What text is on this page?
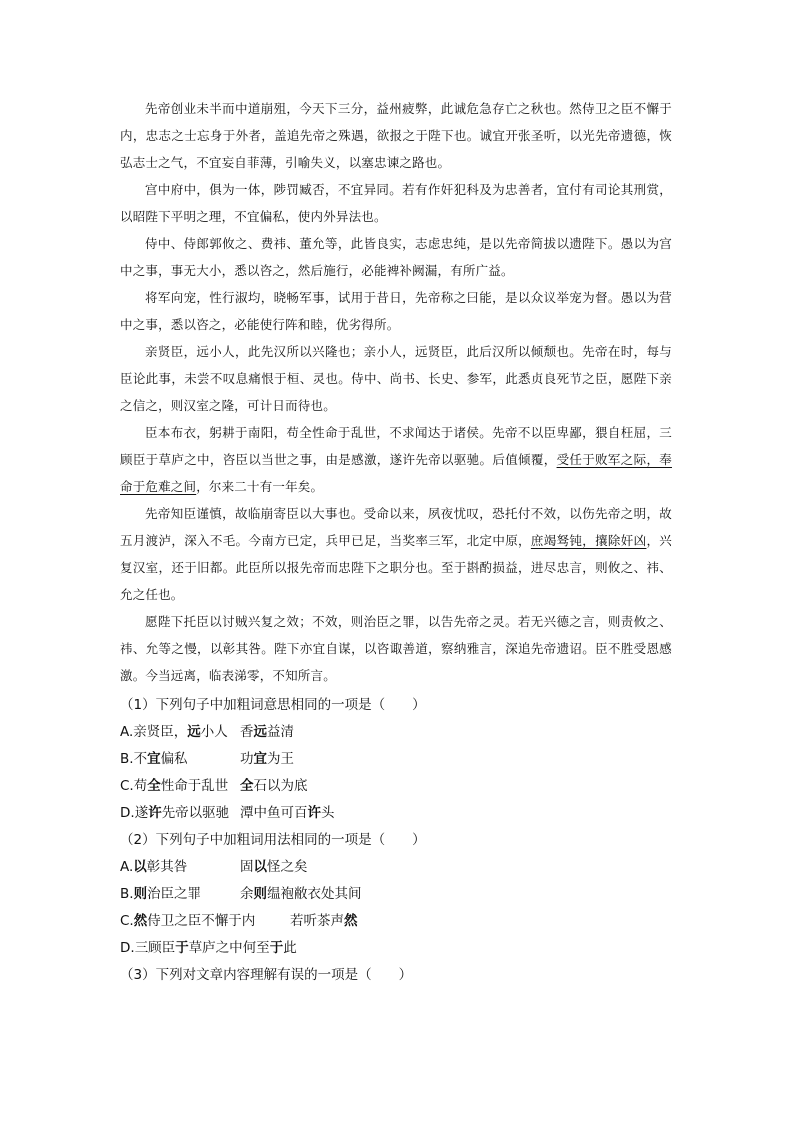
先帝创业未半而中道崩殂，今天下三分，益州疲弊，此诚危急存亡之秋也。然侍卫之臣不懈于内，忠志之士忘身于外者，盖追先帝之殊遇，欲报之于陛下也。诚宜开张圣听，以光先帝遗德，恢弘志士之气，不宜妄自菲薄，引喻失义，以塞忠谏之路也。

宫中府中，俱为一体，陟罚臧否，不宜异同。若有作奸犯科及为忠善者，宜付有司论其刑赏，以昭陛下平明之理，不宜偏私，使内外异法也。

侍中、侍郎郭攸之、费祎、董允等，此皆良实，志虑忠纯，是以先帝简拔以遗陛下。愚以为宫中之事，事无大小，悉以咨之，然后施行，必能裨补阙漏，有所广益。

将军向宠，性行淑均，晓畅军事，试用于昔日，先帝称之曰能，是以众议举宠为督。愚以为营中之事，悉以咨之，必能使行阵和睦，优劣得所。

亲贤臣，远小人，此先汉所以兴隆也；亲小人，远贤臣，此后汉所以倾颓也。先帝在时，每与臣论此事，未尝不叹息痛恨于桓、灵也。侍中、尚书、长史、参军，此悉贞良死节之臣，愿陛下亲之信之，则汉室之隆，可计日而待也。

臣本布衣，躬耕于南阳，苟全性命于乱世，不求闻达于诸侯。先帝不以臣卑鄙，猥自枉屈，三顾臣于草庐之中，咨臣以当世之事，由是感激，遂许先帝以驱驰。后值倾覆，受任于败军之际，奉命于危难之间，尔来二十有一年矣。

先帝知臣谨慎，故临崩寄臣以大事也。受命以来，夙夜忧叹，恐托付不效，以伤先帝之明，故五月渡泸，深入不毛。今南方已定，兵甲已足，当奖率三军，北定中原，庶竭驽钝，攘除奸凶，兴复汉室，还于旧都。此臣所以报先帝而忠陛下之职分也。至于斟酌损益，进尽忠言，则攸之、祎、允之任也。

愿陛下托臣以讨贼兴复之效；不效，则治臣之罪，以告先帝之灵。若无兴德之言，则责攸之、祎、允等之慢，以彰其咎。陛下亦宜自谋，以咨诹善道，察纳雅言，深追先帝遗诏。臣不胜受恩感激。今当远离，临表涕零，不知所言。

（1）下列句子中加粗词意思相同的一项是（　　）

A.亲贤臣，远小人 香远益清
B.不宜偏私	功宜为王
C.苟全性命于乱世 全石以为底
D.遂许先帝以驱驰 潭中鱼可百许头

（2）下列句子中加粗词用法相同的一项是（　　）

A.以彰其咎	固以怪之矣
B.则治臣之罪	余则缊袍敝衣处其间
C.然侍卫之臣不懈于内	若听茶声然
D.三顾臣于草庐之中 何至于此

（3）下列对文章内容理解有误的一项是（　　）
